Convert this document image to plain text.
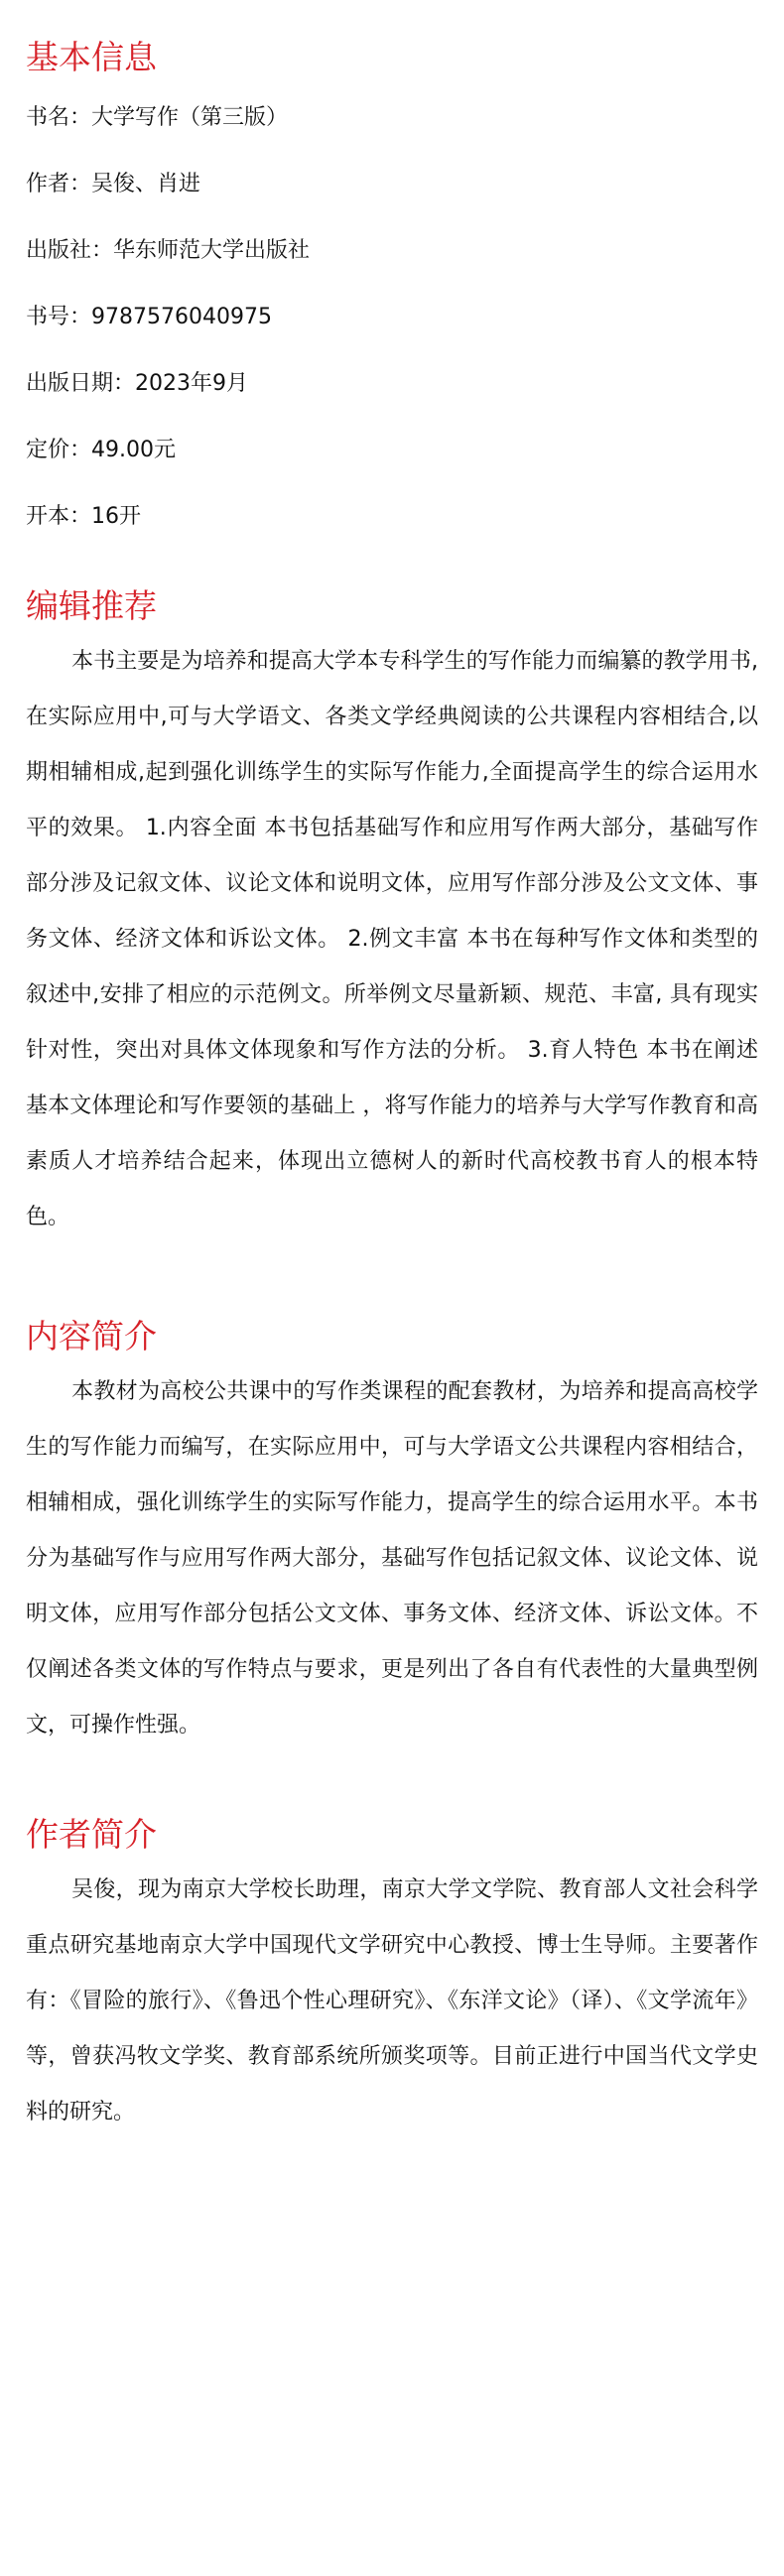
基本信息

书名：大学写作（第三版）

作者：吴俊、肖进

出版社：华东师范大学出版社

书号：9787576040975

出版日期：2023年9月

定价：49.00元

开本：16开

编辑推荐

本书主要是为培养和提高大学本专科学生的写作能力而编纂的教学用书,在实际应用中,可与大学语文、各类文学经典阅读的公共课程内容相结合,以期相辅相成,起到强化训练学生的实际写作能力,全面提高学生的综合运用水平的效果。 1.内容全面 本书包括基础写作和应用写作两大部分，基础写作部分涉及记叙文体、议论文体和说明文体，应用写作部分涉及公文文体、事务文体、经济文体和诉讼文体。 2.例文丰富 本书在每种写作文体和类型的叙述中,安排了相应的示范例文。所举例文尽量新颖、规范、丰富, 具有现实针对性，突出对具体文体现象和写作方法的分析。 3.育人特色 本书在阐述基本文体理论和写作要领的基础上 ，将写作能力的培养与大学写作教育和高素质人才培养结合起来，体现出立德树人的新时代高校教书育人的根本特色。

内容简介

本教材为高校公共课中的写作类课程的配套教材，为培养和提高高校学生的写作能力而编写，在实际应用中，可与大学语文公共课程内容相结合，相辅相成，强化训练学生的实际写作能力，提高学生的综合运用水平。本书分为基础写作与应用写作两大部分，基础写作包括记叙文体、议论文体、说明文体，应用写作部分包括公文文体、事务文体、经济文体、诉讼文体。不仅阐述各类文体的写作特点与要求，更是列出了各自有代表性的大量典型例文，可操作性强。

作者简介

吴俊，现为南京大学校长助理，南京大学文学院、教育部人文社会科学重点研究基地南京大学中国现代文学研究中心教授、博士生导师。主要著作有：《冒险的旅行》、《鲁迅个性心理研究》、《东洋文论》（译）、《文学流年》等，曾获冯牧文学奖、教育部系统所颁奖项等。目前正进行中国当代文学史料的研究。
